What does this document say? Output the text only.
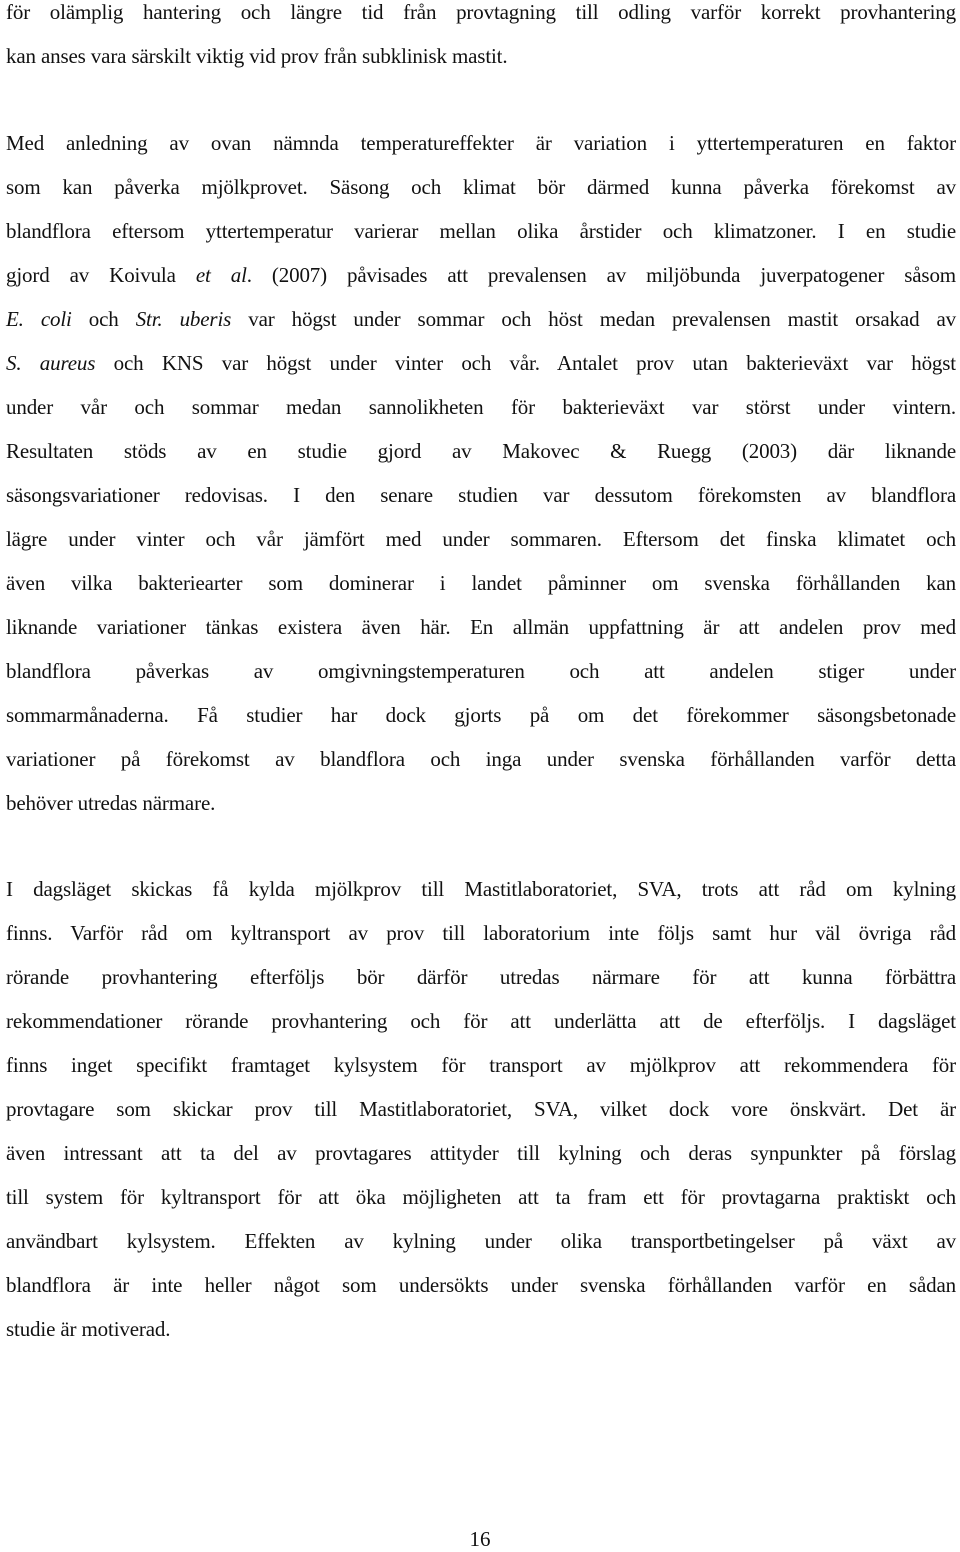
för olämplig hantering och längre tid från provtagning till odling varför korrekt provhantering
kan anses vara särskilt viktig vid prov från subklinisk mastit.
Med anledning av ovan nämnda temperatureffekter är variation i yttertemperaturen en faktor
som kan påverka mjölkprovet. Säsong och klimat bör därmed kunna påverka förekomst av
blandflora eftersom yttertemperatur varierar mellan olika årstider och klimatzoner. I en studie
gjord av Koivula et al. (2007) påvisades att prevalensen av miljöbunda juverpatogener såsom
E. coli och Str. uberis var högst under sommar och höst medan prevalensen mastit orsakad av
S. aureus och KNS var högst under vinter och vår. Antalet prov utan bakterieväxt var högst
under vår och sommar medan sannolikheten för bakterieväxt var störst under vintern.
Resultaten stöds av en studie gjord av Makovec & Ruegg (2003) där liknande
säsongsvariationer redovisas. I den senare studien var dessutom förekomsten av blandflora
lägre under vinter och vår jämfört med under sommaren. Eftersom det finska klimatet och
även vilka bakteriearter som dominerar i landet påminner om svenska förhållanden kan
liknande variationer tänkas existera även här. En allmän uppfattning är att andelen prov med
blandflora påverkas av omgivningstemperaturen och att andelen stiger under
sommarmånaderna. Få studier har dock gjorts på om det förekommer säsongsbetonade
variationer på förekomst av blandflora och inga under svenska förhållanden varför detta
behöver utredas närmare.
I dagsläget skickas få kylda mjölkprov till Mastitlaboratoriet, SVA, trots att råd om kylning
finns. Varför råd om kyltransport av prov till laboratorium inte följs samt hur väl övriga råd
rörande provhantering efterföljs bör därför utredas närmare för att kunna förbättra
rekommendationer rörande provhantering och för att underlätta att de efterföljs. I dagsläget
finns inget specifikt framtaget kylsystem för transport av mjölkprov att rekommendera för
provtagare som skickar prov till Mastitlaboratoriet, SVA, vilket dock vore önskvärt. Det är
även intressant att ta del av provtagares attityder till kylning och deras synpunkter på förslag
till system för kyltransport för att öka möjligheten att ta fram ett för provtagarna praktiskt och
användbart kylsystem. Effekten av kylning under olika transportbetingelser på växt av
blandflora är inte heller något som undersökts under svenska förhållanden varför en sådan
studie är motiverad.
16
